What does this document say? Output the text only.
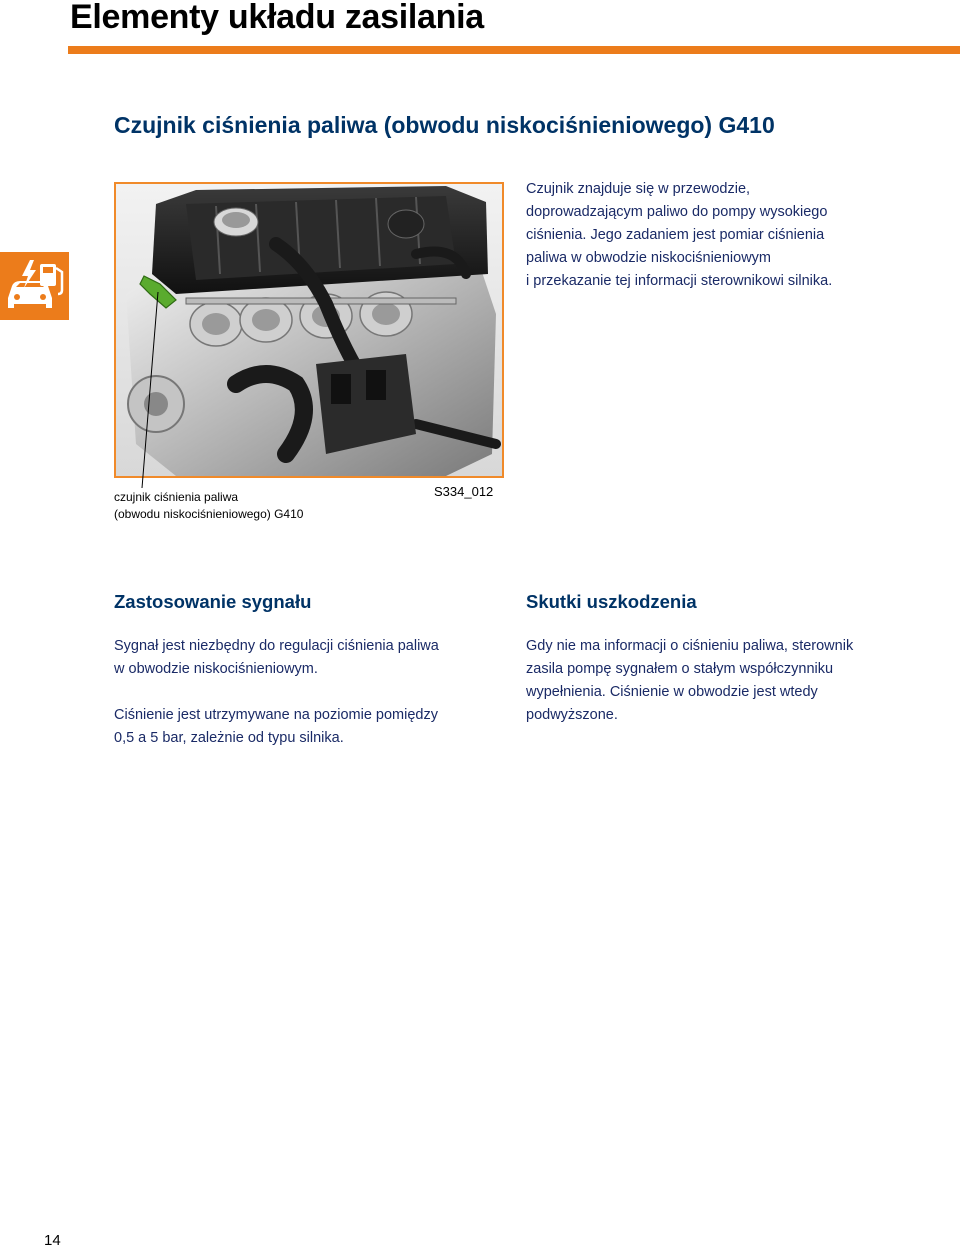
Elementy układu zasilania
Czujnik ciśnienia paliwa (obwodu niskociśnieniowego) G410
czujnik ciśnienia paliwa
(obwodu niskociśnieniowego) G410
S334_012
Czujnik znajduje się w przewodzie,
doprowadzającym paliwo do pompy wysokiego
ciśnienia. Jego zadaniem jest pomiar ciśnienia
paliwa w obwodzie niskociśnieniowym
i przekazanie tej informacji sterownikowi silnika.
Zastosowanie sygnału
Sygnał jest niezbędny do regulacji ciśnienia paliwa
w obwodzie niskociśnieniowym.
Ciśnienie jest utrzymywane na poziomie pomiędzy
0,5 a 5 bar, zależnie od typu silnika.
Skutki uszkodzenia
Gdy nie ma informacji o ciśnieniu paliwa, sterownik
zasila pompę sygnałem o stałym współczynniku
wypełnienia. Ciśnienie w obwodzie jest wtedy
podwyższone.
14
